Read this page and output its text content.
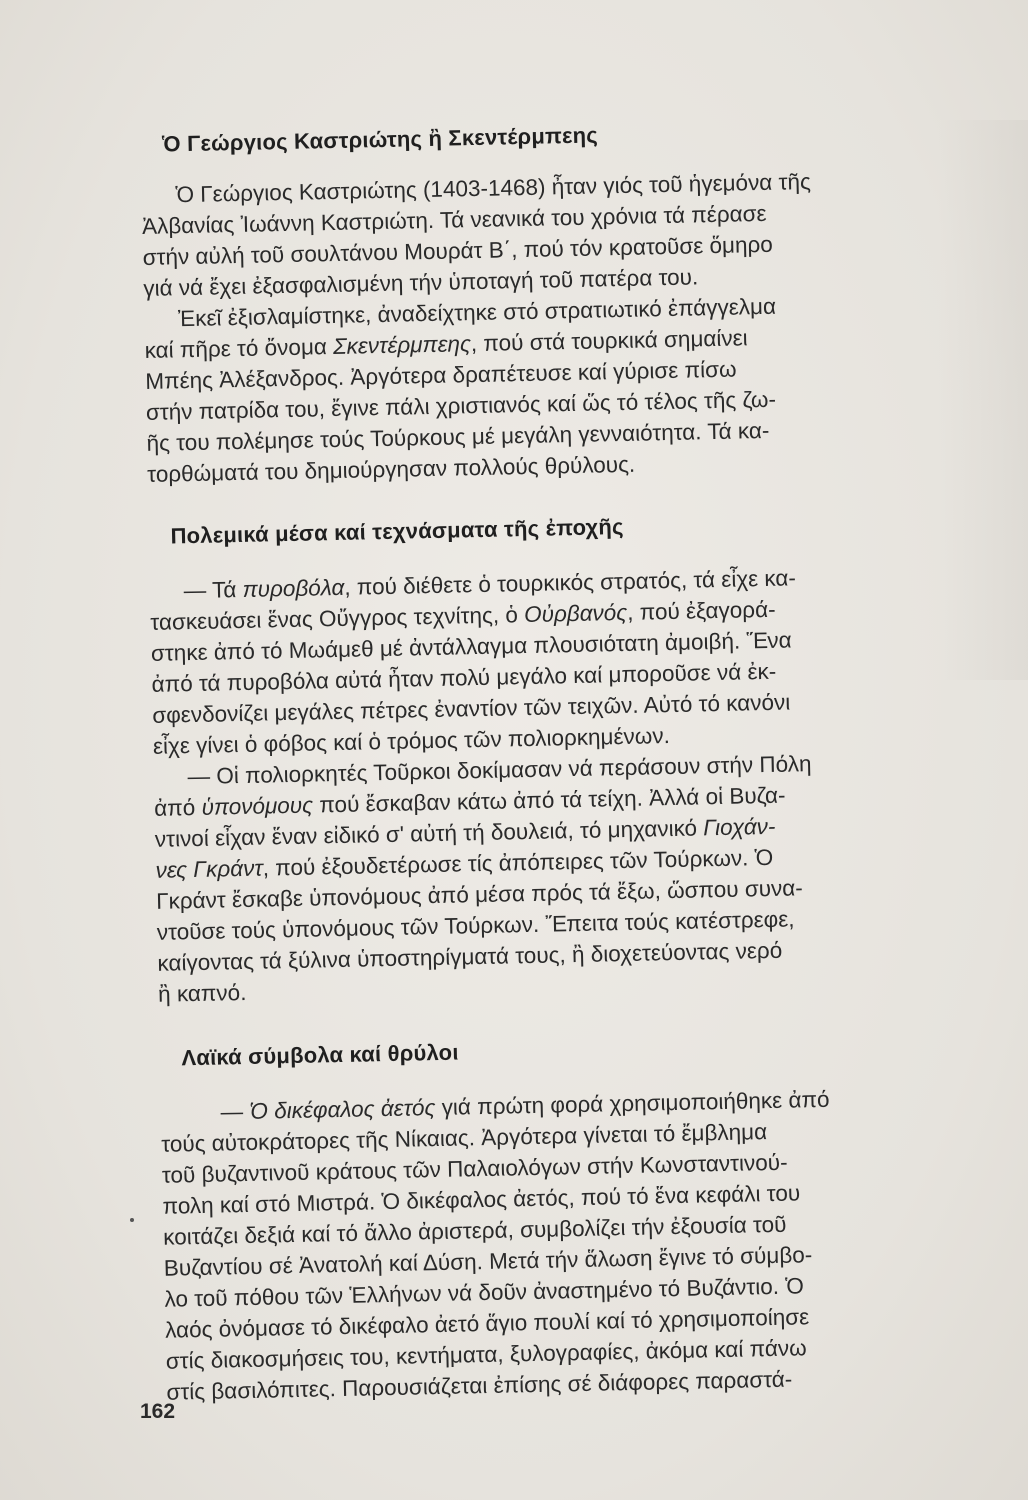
Ὁ Γεώργιος Καστριώτης ἢ Σκεντέρμπεης

Ὁ Γεώργιος Καστριώτης (1403-1468) ἦταν γιός τοῦ ἡγεμόνα τῆς
Ἀλβανίας Ἰωάννη Καστριώτη. Τά νεανικά του χρόνια τά πέρασε
στήν αὐλή τοῦ σουλτάνου Μουράτ Β΄, πού τόν κρατοῦσε ὅμηρο
γιά νά ἔχει ἐξασφαλισμένη τήν ὑποταγή τοῦ πατέρα του.

Ἐκεῖ ἐξισλαμίστηκε, ἀναδείχτηκε στό στρατιωτικό ἐπάγγελμα
καί πῆρε τό ὄνομα Σκεντέρμπεης, πού στά τουρκικά σημαίνει
Μπέης Ἀλέξανδρος. Ἀργότερα δραπέτευσε καί γύρισε πίσω
στήν πατρίδα του, ἔγινε πάλι χριστιανός καί ὥς τό τέλος τῆς ζω-
ῆς του πολέμησε τούς Τούρκους μέ μεγάλη γενναιότητα. Τά κα-
τορθώματά του δημιούργησαν πολλούς θρύλους.

Πολεμικά μέσα καί τεχνάσματα τῆς ἐποχῆς

— Τά πυροβόλα, πού διέθετε ὁ τουρκικός στρατός, τά εἶχε κα-
τασκευάσει ἕνας Οὔγγρος τεχνίτης, ὁ Οὐρβανός, πού ἐξαγορά-
στηκε ἀπό τό Μωάμεθ μέ ἀντάλλαγμα πλουσιότατη ἀμοιβή. Ἕνα
ἀπό τά πυροβόλα αὐτά ἦταν πολύ μεγάλο καί μποροῦσε νά ἐκ-
σφενδονίζει μεγάλες πέτρες ἐναντίον τῶν τειχῶν. Αὐτό τό κανόνι
εἶχε γίνει ὁ φόβος καί ὁ τρόμος τῶν πολιορκημένων.

— Οἱ πολιορκητές Τοῦρκοι δοκίμασαν νά περάσουν στήν Πόλη
ἀπό ὑπονόμους πού ἔσκαβαν κάτω ἀπό τά τείχη. Ἀλλά οἱ Βυζα-
ντινοί εἶχαν ἕναν εἰδικό σ' αὐτή τή δουλειά, τό μηχανικό Γιοχάν-
νες Γκράντ, πού ἐξουδετέρωσε τίς ἀπόπειρες τῶν Τούρκων. Ὁ
Γκράντ ἔσκαβε ὑπονόμους ἀπό μέσα πρός τά ἔξω, ὥσπου συνα-
ντοῦσε τούς ὑπονόμους τῶν Τούρκων. Ἔπειτα τούς κατέστρεφε,
καίγοντας τά ξύλινα ὑποστηρίγματά τους, ἢ διοχετεύοντας νερό
ἢ καπνό.

Λαϊκά σύμβολα καί θρύλοι

— Ὁ δικέφαλος ἀετός γιά πρώτη φορά χρησιμοποιήθηκε ἀπό
τούς αὐτοκράτορες τῆς Νίκαιας. Ἀργότερα γίνεται τό ἔμβλημα
τοῦ βυζαντινοῦ κράτους τῶν Παλαιολόγων στήν Κωνσταντινού-
πολη καί στό Μιστρά. Ὁ δικέφαλος ἀετός, πού τό ἕνα κεφάλι του
κοιτάζει δεξιά καί τό ἄλλο ἀριστερά, συμβολίζει τήν ἐξουσία τοῦ
Βυζαντίου σέ Ἀνατολή καί Δύση. Μετά τήν ἅλωση ἔγινε τό σύμβο-
λο τοῦ πόθου τῶν Ἑλλήνων νά δοῦν ἀναστημένο τό Βυζάντιο. Ὁ
λαός ὀνόμασε τό δικέφαλο ἀετό ἅγιο πουλί καί τό χρησιμοποίησε
στίς διακοσμήσεις του, κεντήματα, ξυλογραφίες, ἀκόμα καί πάνω
στίς βασιλόπιτες. Παρουσιάζεται ἐπίσης σέ διάφορες παραστά-

162
